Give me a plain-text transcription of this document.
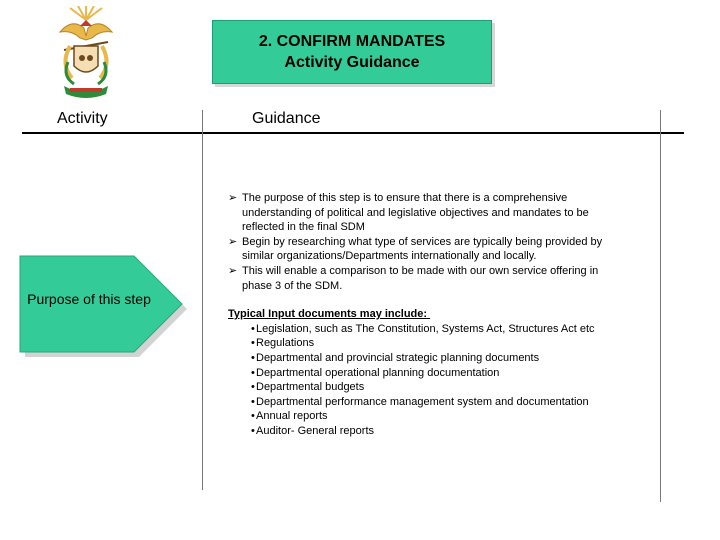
2. CONFIRM MANDATES
Activity Guidance
Activity	Guidance
Purpose of this step
➢ The purpose of this step is to ensure that there is a comprehensive understanding of political and legislative objectives and mandates to be reflected in the final SDM
➢ Begin by researching what type of services are typically being provided by similar organizations/Departments internationally and locally.
➢ This will enable a comparison to be made with our own service offering in phase 3 of the SDM.
Typical Input documents may include:
• Legislation, such as The Constitution, Systems Act, Structures Act etc
• Regulations
• Departmental and provincial strategic planning documents
• Departmental operational planning documentation
• Departmental budgets
• Departmental performance management system and documentation
• Annual reports
• Auditor- General reports
